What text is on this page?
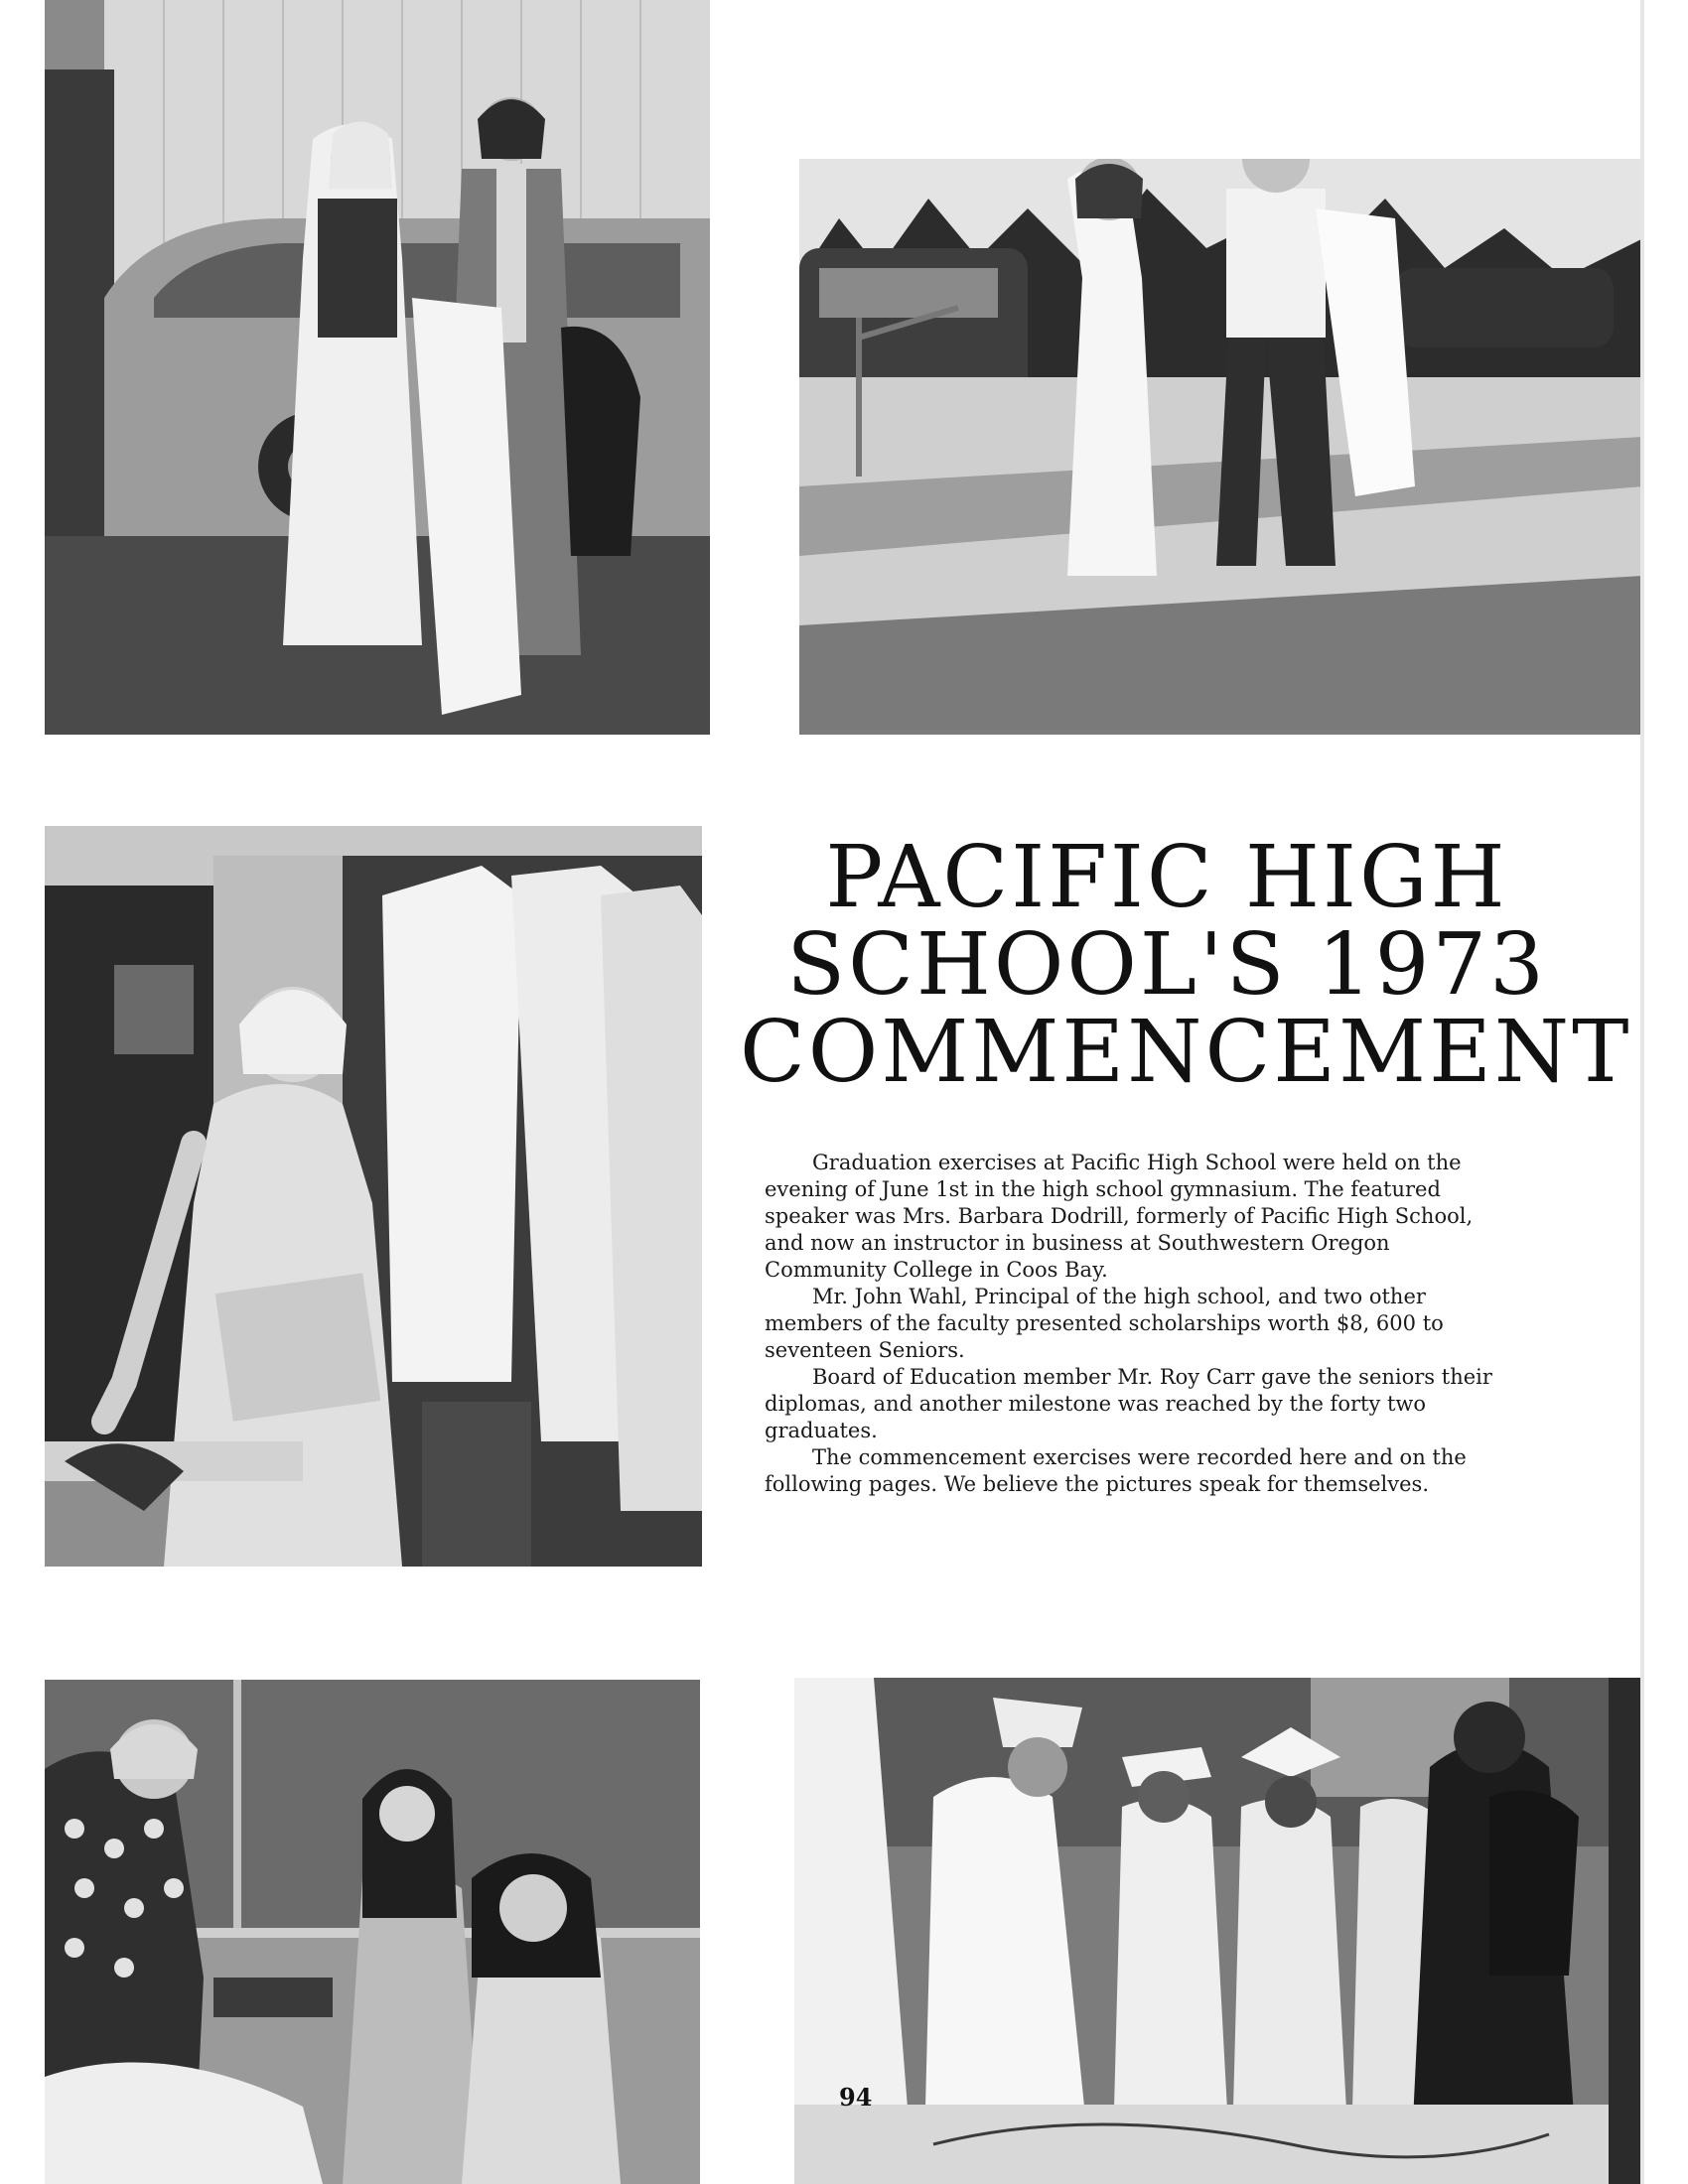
PACIFIC HIGH
SCHOOL'S 1973
COMMENCEMENT

Graduation exercises at Pacific High School were held on the evening of June 1st in the high school gymnasium. The featured speaker was Mrs. Barbara Dodrill, formerly of Pacific High School, and now an instructor in business at Southwestern Oregon Community College in Coos Bay.

Mr. John Wahl, Principal of the high school, and two other members of the faculty presented scholarships worth $8, 600 to seventeen Seniors.

Board of Education member Mr. Roy Carr gave the seniors their diplomas, and another milestone was reached by the forty two graduates.

The commencement exercises were recorded here and on the following pages. We believe the pictures speak for themselves.

94
